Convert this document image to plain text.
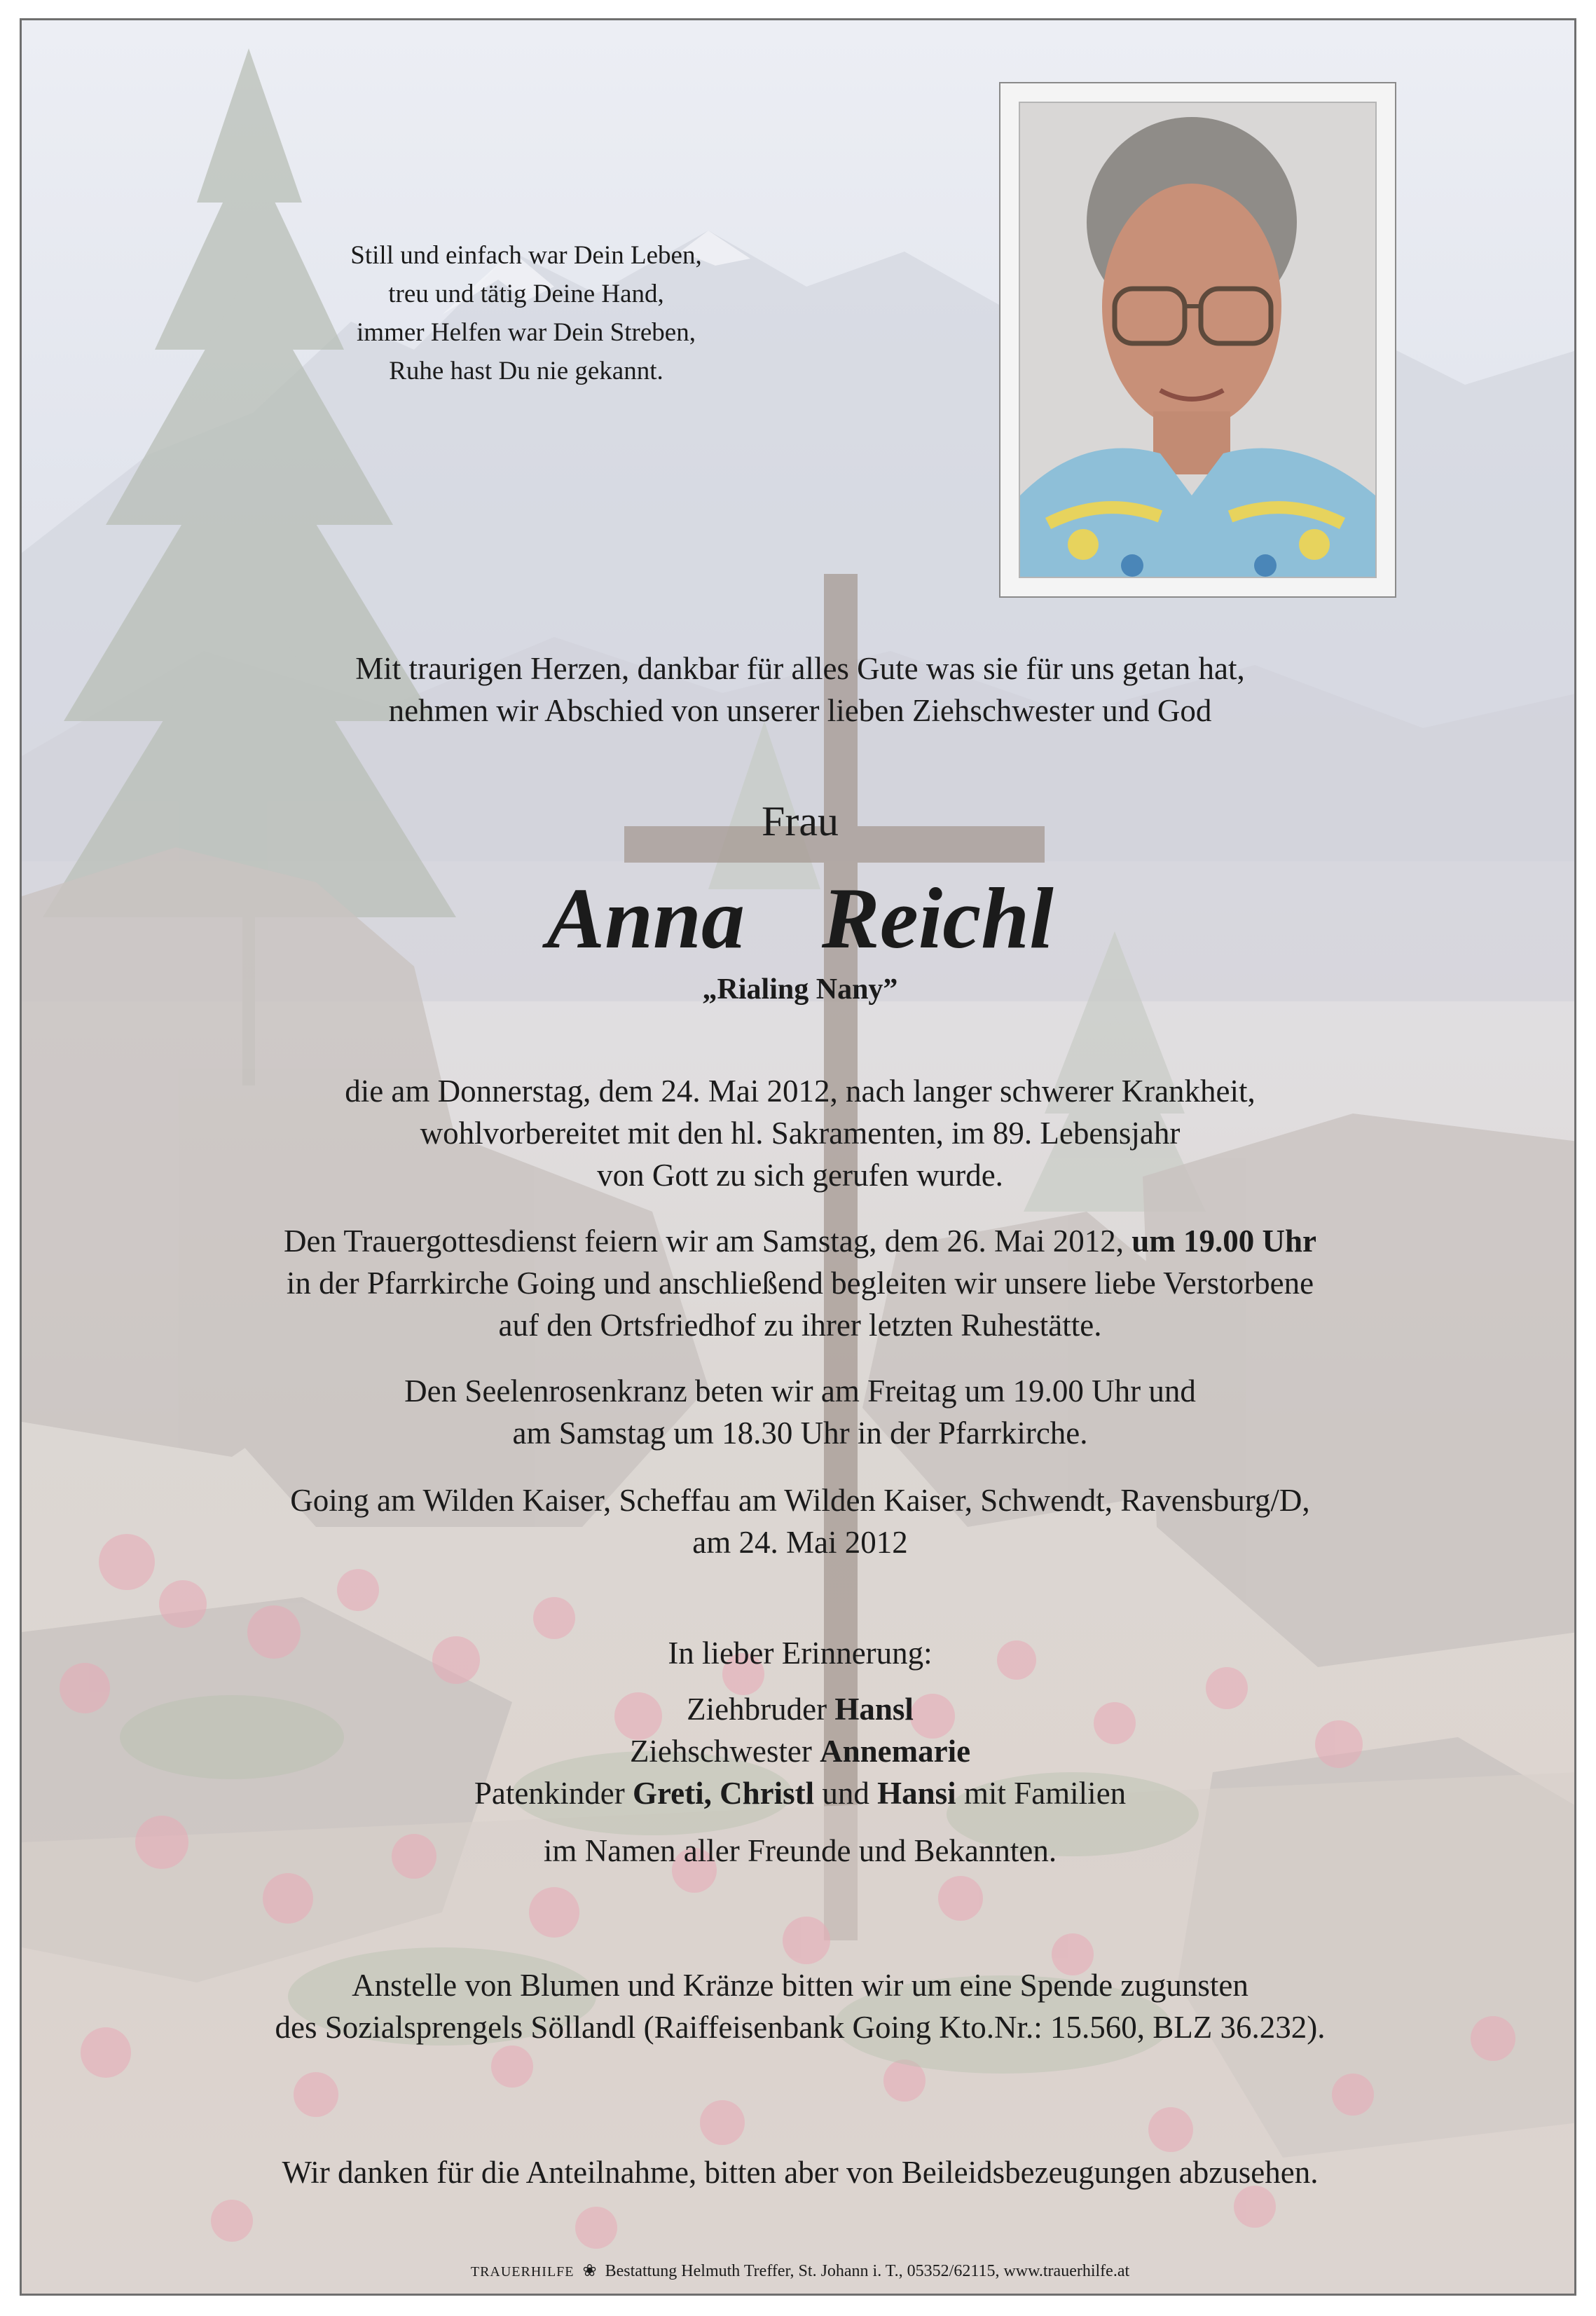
Still und einfach war Dein Leben,
treu und tätig Deine Hand,
immer Helfen war Dein Streben,
Ruhe hast Du nie gekannt.
Mit traurigen Herzen, dankbar für alles Gute was sie für uns getan hat,
nehmen wir Abschied von unserer lieben Ziehschwester und God
Frau
Anna  Reichl
„Rialing Nany”
die am Donnerstag, dem 24. Mai 2012, nach langer schwerer Krankheit,
wohlvorbereitet mit den hl. Sakramenten, im 89. Lebensjahr
von Gott zu sich gerufen wurde.
Den Trauergottesdienst feiern wir am Samstag, dem 26. Mai 2012, um 19.00 Uhr
in der Pfarrkirche Going und anschließend begleiten wir unsere liebe Verstorbene
auf den Ortsfriedhof zu ihrer letzten Ruhestätte.
Den Seelenrosenkranz beten wir am Freitag um 19.00 Uhr und
am Samstag um 18.30 Uhr in der Pfarrkirche.
Going am Wilden Kaiser, Scheffau am Wilden Kaiser, Schwendt, Ravensburg/D,
am 24. Mai 2012
In lieber Erinnerung:
Ziehbruder Hansl
Ziehschwester Annemarie
Patenkinder Greti, Christl und Hansi mit Familien
im Namen aller Freunde und Bekannten.
Anstelle von Blumen und Kränze bitten wir um eine Spende zugunsten
des Sozialsprengels Söllandl (Raiffeisenbank Going Kto.Nr.: 15.560, BLZ 36.232).
Wir danken für die Anteilnahme, bitten aber von Beileidsbezeugungen abzusehen.
TRAUERHILFE  ❀  Bestattung Helmuth Treffer, St. Johann i. T., 05352/62115, www.trauerhilfe.at
